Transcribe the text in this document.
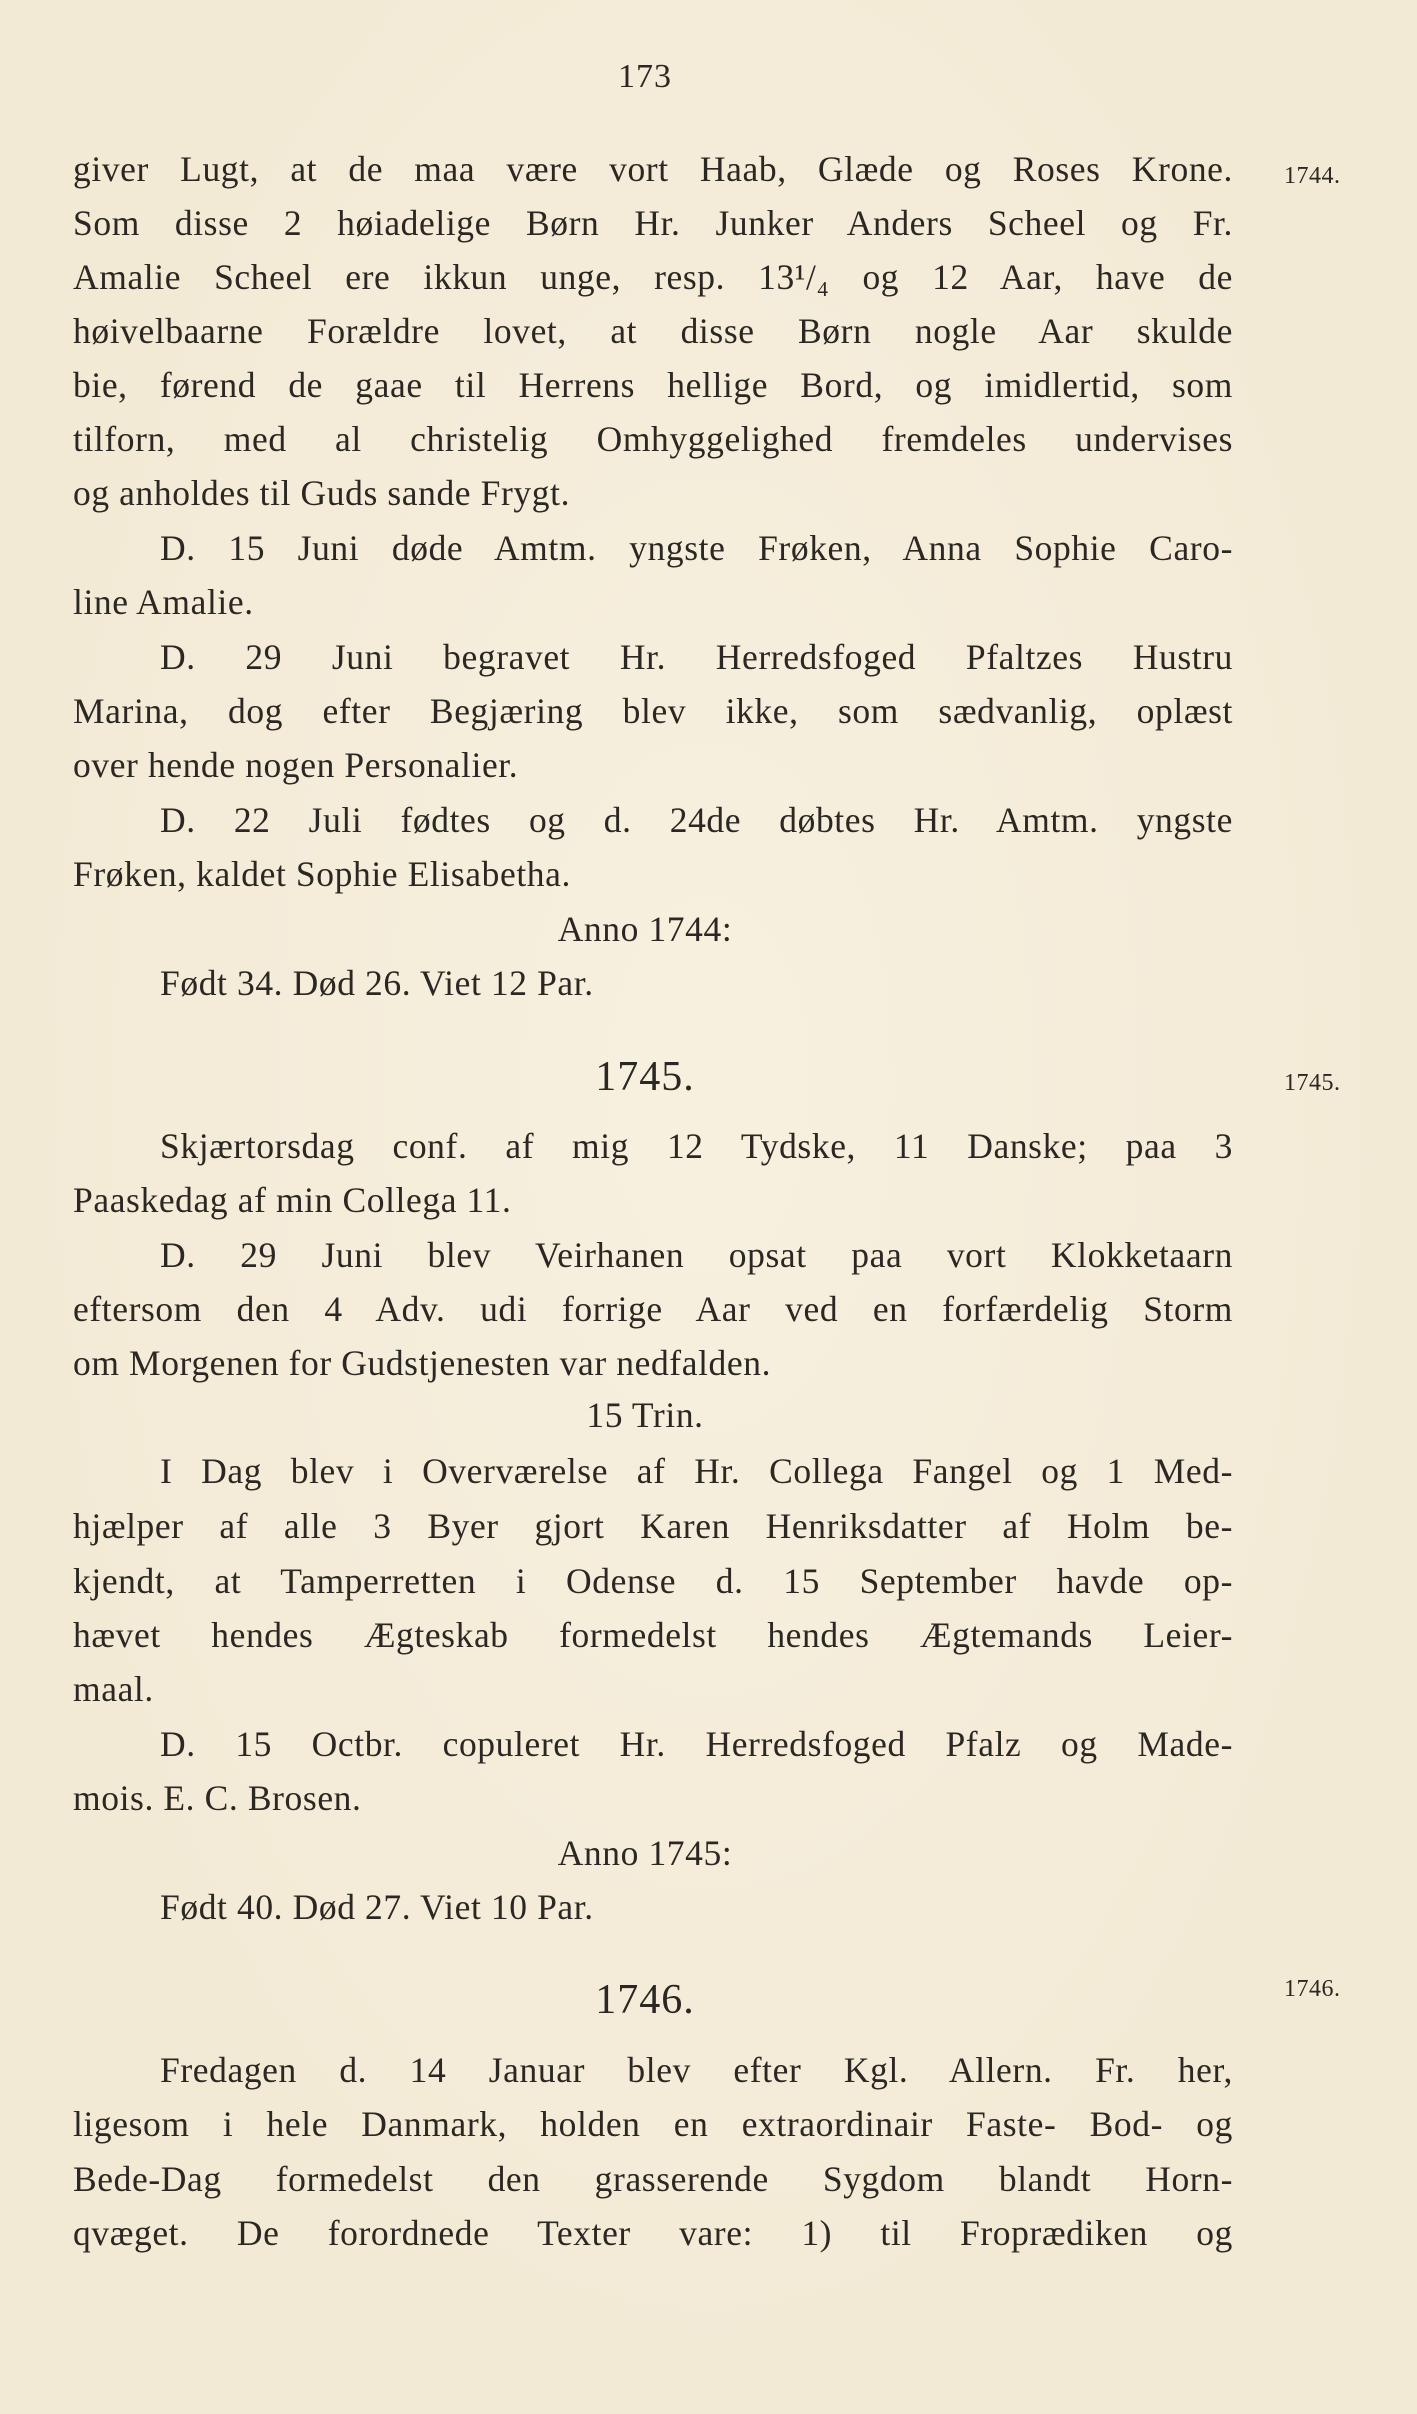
173
1744.
1745.
1746.
giver Lugt, at de maa være vort Haab, Glæde og Roses Krone.
Som disse 2 høiadelige Børn Hr. Junker Anders Scheel og Fr.
Amalie Scheel ere ikkun unge, resp. 13¹/₄ og 12 Aar, have de
høivelbaarne Forældre lovet, at disse Børn nogle Aar skulde
bie, førend de gaae til Herrens hellige Bord, og imidlertid, som
tilforn, med al christelig Omhyggelighed fremdeles undervises
og anholdes til Guds sande Frygt.
D. 15 Juni døde Amtm. yngste Frøken, Anna Sophie Caro-
line Amalie.
D. 29 Juni begravet Hr. Herredsfoged Pfaltzes Hustru
Marina, dog efter Begjæring blev ikke, som sædvanlig, oplæst
over hende nogen Personalier.
D. 22 Juli fødtes og d. 24de døbtes Hr. Amtm. yngste
Frøken, kaldet Sophie Elisabetha.
Anno 1744:
Født 34. Død 26. Viet 12 Par.
1745.
Skjærtorsdag conf. af mig 12 Tydske, 11 Danske; paa 3
Paaskedag af min Collega 11.
D. 29 Juni blev Veirhanen opsat paa vort Klokketaarn
eftersom den 4 Adv. udi forrige Aar ved en forfærdelig Storm
om Morgenen for Gudstjenesten var nedfalden.
15 Trin.
I Dag blev i Overværelse af Hr. Collega Fangel og 1 Med-
hjælper af alle 3 Byer gjort Karen Henriksdatter af Holm be-
kjendt, at Tamperretten i Odense d. 15 September havde op-
hævet hendes Ægteskab formedelst hendes Ægtemands Leier-
maal.
D. 15 Octbr. copuleret Hr. Herredsfoged Pfalz og Made-
mois. E. C. Brosen.
Anno 1745:
Født 40. Død 27. Viet 10 Par.
1746.
Fredagen d. 14 Januar blev efter Kgl. Allern. Fr. her,
ligesom i hele Danmark, holden en extraordinair Faste- Bod- og
Bede-Dag formedelst den grasserende Sygdom blandt Horn-
qvæget. De forordnede Texter vare: 1) til Froprædiken og
